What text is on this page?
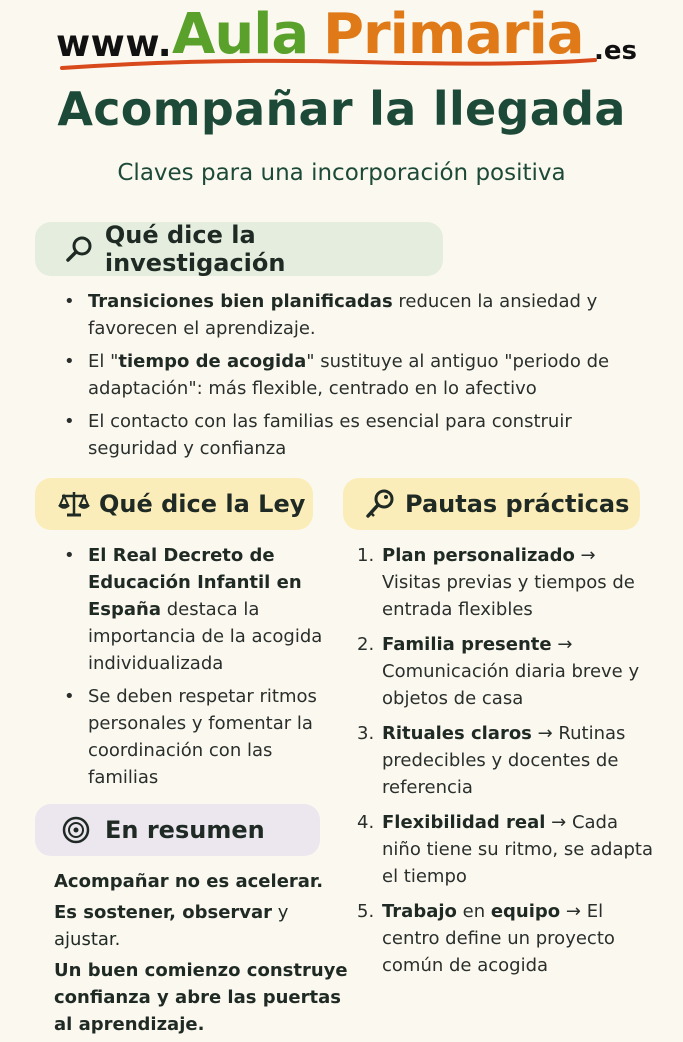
www. Aula Primaria .es
Acompañar la llegada
Claves para una incorporación positiva
Qué dice la investigación
• Transiciones bien planificadas reducen la ansiedad y favorecen el aprendizaje.
• El "tiempo de acogida" sustituye al antiguo "periodo de adaptación": más flexible, centrado en lo afectivo
• El contacto con las familias es esencial para construir seguridad y confianza
Qué dice la Ley
• El Real Decreto de Educación Infantil en España destaca la importancia de la acogida individualizada
• Se deben respetar ritmos personales y fomentar la coordinación con las familias
Pautas prácticas
1. Plan personalizado → Visitas previas y tiempos de entrada flexibles
2. Familia presente → Comunicación diaria breve y objetos de casa
3. Rituales claros → Rutinas predecibles y docentes de referencia
4. Flexibilidad real → Cada niño tiene su ritmo, se adapta el tiempo
5. Trabajo en equipo → El centro define un proyecto común de acogida
En resumen

Acompañar no es acelerar.

Es sostener, observar y ajustar.

Un buen comienzo construye confianza y abre las puertas al aprendizaje.
